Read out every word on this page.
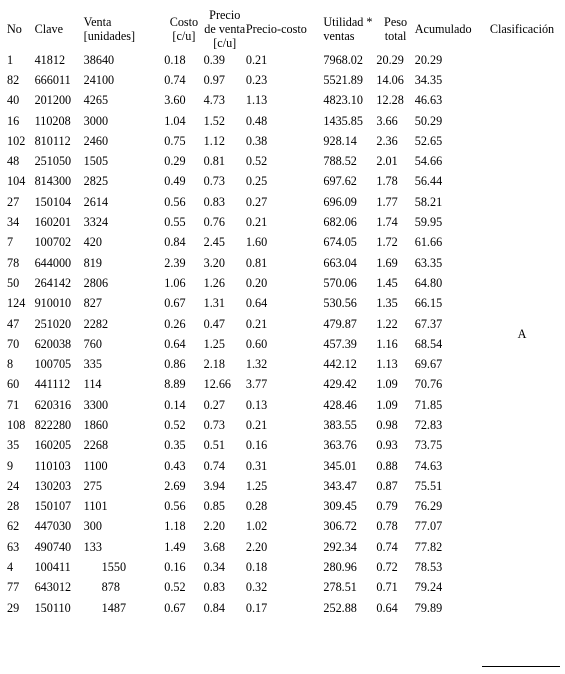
No	Clave	Venta [unidades]	Costo [c/u]	Precio de venta [c/u]	Precio-costo	Utilidad * ventas	Peso total	Acumulado	Clasificación
1	41812	38640	0.18	0.39	0.21	7968.02	20.29	20.29	A
82	666011	24100	0.74	0.97	0.23	5521.89	14.06	34.35	
40	201200	4265	3.60	4.73	1.13	4823.10	12.28	46.63	
16	110208	3000	1.04	1.52	0.48	1435.85	3.66	50.29	
102	810112	2460	0.75	1.12	0.38	928.14	2.36	52.65	
48	251050	1505	0.29	0.81	0.52	788.52	2.01	54.66	
104	814300	2825	0.49	0.73	0.25	697.62	1.78	56.44	
27	150104	2614	0.56	0.83	0.27	696.09	1.77	58.21	
34	160201	3324	0.55	0.76	0.21	682.06	1.74	59.95	
7	100702	420	0.84	2.45	1.60	674.05	1.72	61.66	
78	644000	819	2.39	3.20	0.81	663.04	1.69	63.35	
50	264142	2806	1.06	1.26	0.20	570.06	1.45	64.80	
124	910010	827	0.67	1.31	0.64	530.56	1.35	66.15	
47	251020	2282	0.26	0.47	0.21	479.87	1.22	67.37	
70	620038	760	0.64	1.25	0.60	457.39	1.16	68.54	
8	100705	335	0.86	2.18	1.32	442.12	1.13	69.67	
60	441112	114	8.89	12.66	3.77	429.42	1.09	70.76	
71	620316	3300	0.14	0.27	0.13	428.46	1.09	71.85	
108	822280	1860	0.52	0.73	0.21	383.55	0.98	72.83	
35	160205	2268	0.35	0.51	0.16	363.76	0.93	73.75	
9	110103	1100	0.43	0.74	0.31	345.01	0.88	74.63	
24	130203	275	2.69	3.94	1.25	343.47	0.87	75.51	
28	150107	1101	0.56	0.85	0.28	309.45	0.79	76.29	
62	447030	300	1.18	2.20	1.02	306.72	0.78	77.07	
63	490740	133	1.49	3.68	2.20	292.34	0.74	77.82	
4	100411	1550	0.16	0.34	0.18	280.96	0.72	78.53	
77	643012	878	0.52	0.83	0.32	278.51	0.71	79.24	
29	150110	1487	0.67	0.84	0.17	252.88	0.64	79.89	
